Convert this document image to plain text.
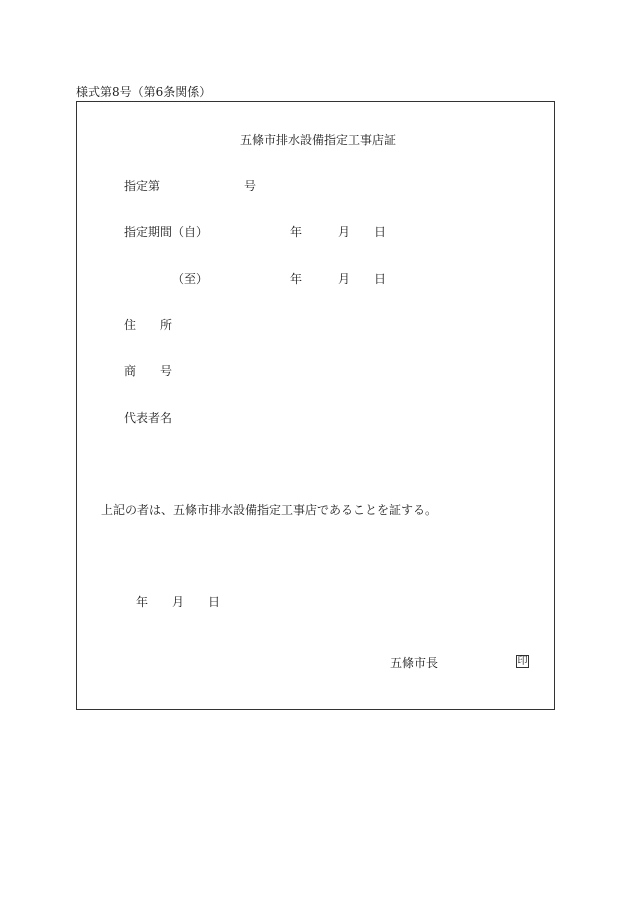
様式第8号（第6条関係）
五條市排水設備指定工事店証
指定第	号
指定期間（自）	年	月 日
（至）	年	月 日
住　　所
商　　号
代表者名
上記の者は、五條市排水設備指定工事店であることを証する。
年 月 日
五條市長	印
